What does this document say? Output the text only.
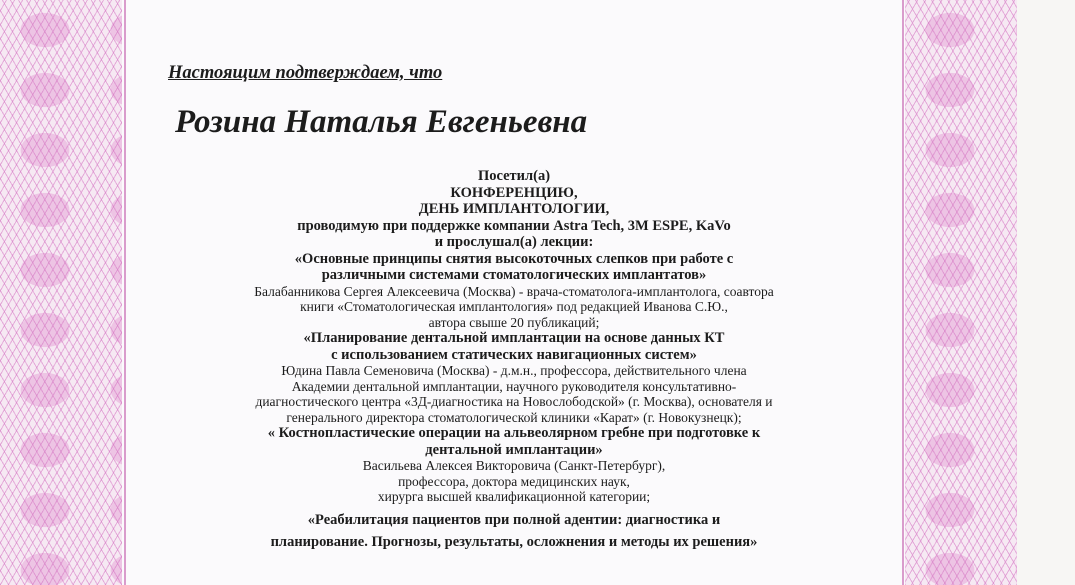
Настоящим подтверждаем, что
Розина Наталья Евгеньевна
Посетил(а)
КОНФЕРЕНЦИЮ,
ДЕНЬ ИМПЛАНТОЛОГИИ,
проводимую при поддержке компании Astra Tech, 3M ESPE, KaVo
и прослушал(а) лекции:
«Основные принципы снятия высокоточных слепков при работе с
различными системами стоматологических имплантатов»
Балабанникова Сергея Алексеевича (Москва) - врача-стоматолога-имплантолога, соавтора
книги «Стоматологическая имплантология» под редакцией Иванова С.Ю.,
автора свыше 20 публикаций;
«Планирование дентальной имплантации на основе данных КТ
с использованием статических навигационных систем»
Юдина Павла Семеновича (Москва) - д.м.н., профессора, действительного члена
Академии дентальной имплантации, научного руководителя консультативно-
диагностического центра «3Д-диагностика на Новослободской» (г. Москва), основателя и
генерального директора стоматологической клиники «Карат» (г. Новокузнецк);
« Костнопластические операции на альвеолярном гребне при подготовке к
дентальной имплантации»
Васильева Алексея Викторовича (Санкт-Петербург),
профессора, доктора медицинских наук,
хирурга высшей квалификационной категории;
«Реабилитация пациентов при полной адентии: диагностика и
планирование. Прогнозы, результаты, осложнения и методы их решения»
